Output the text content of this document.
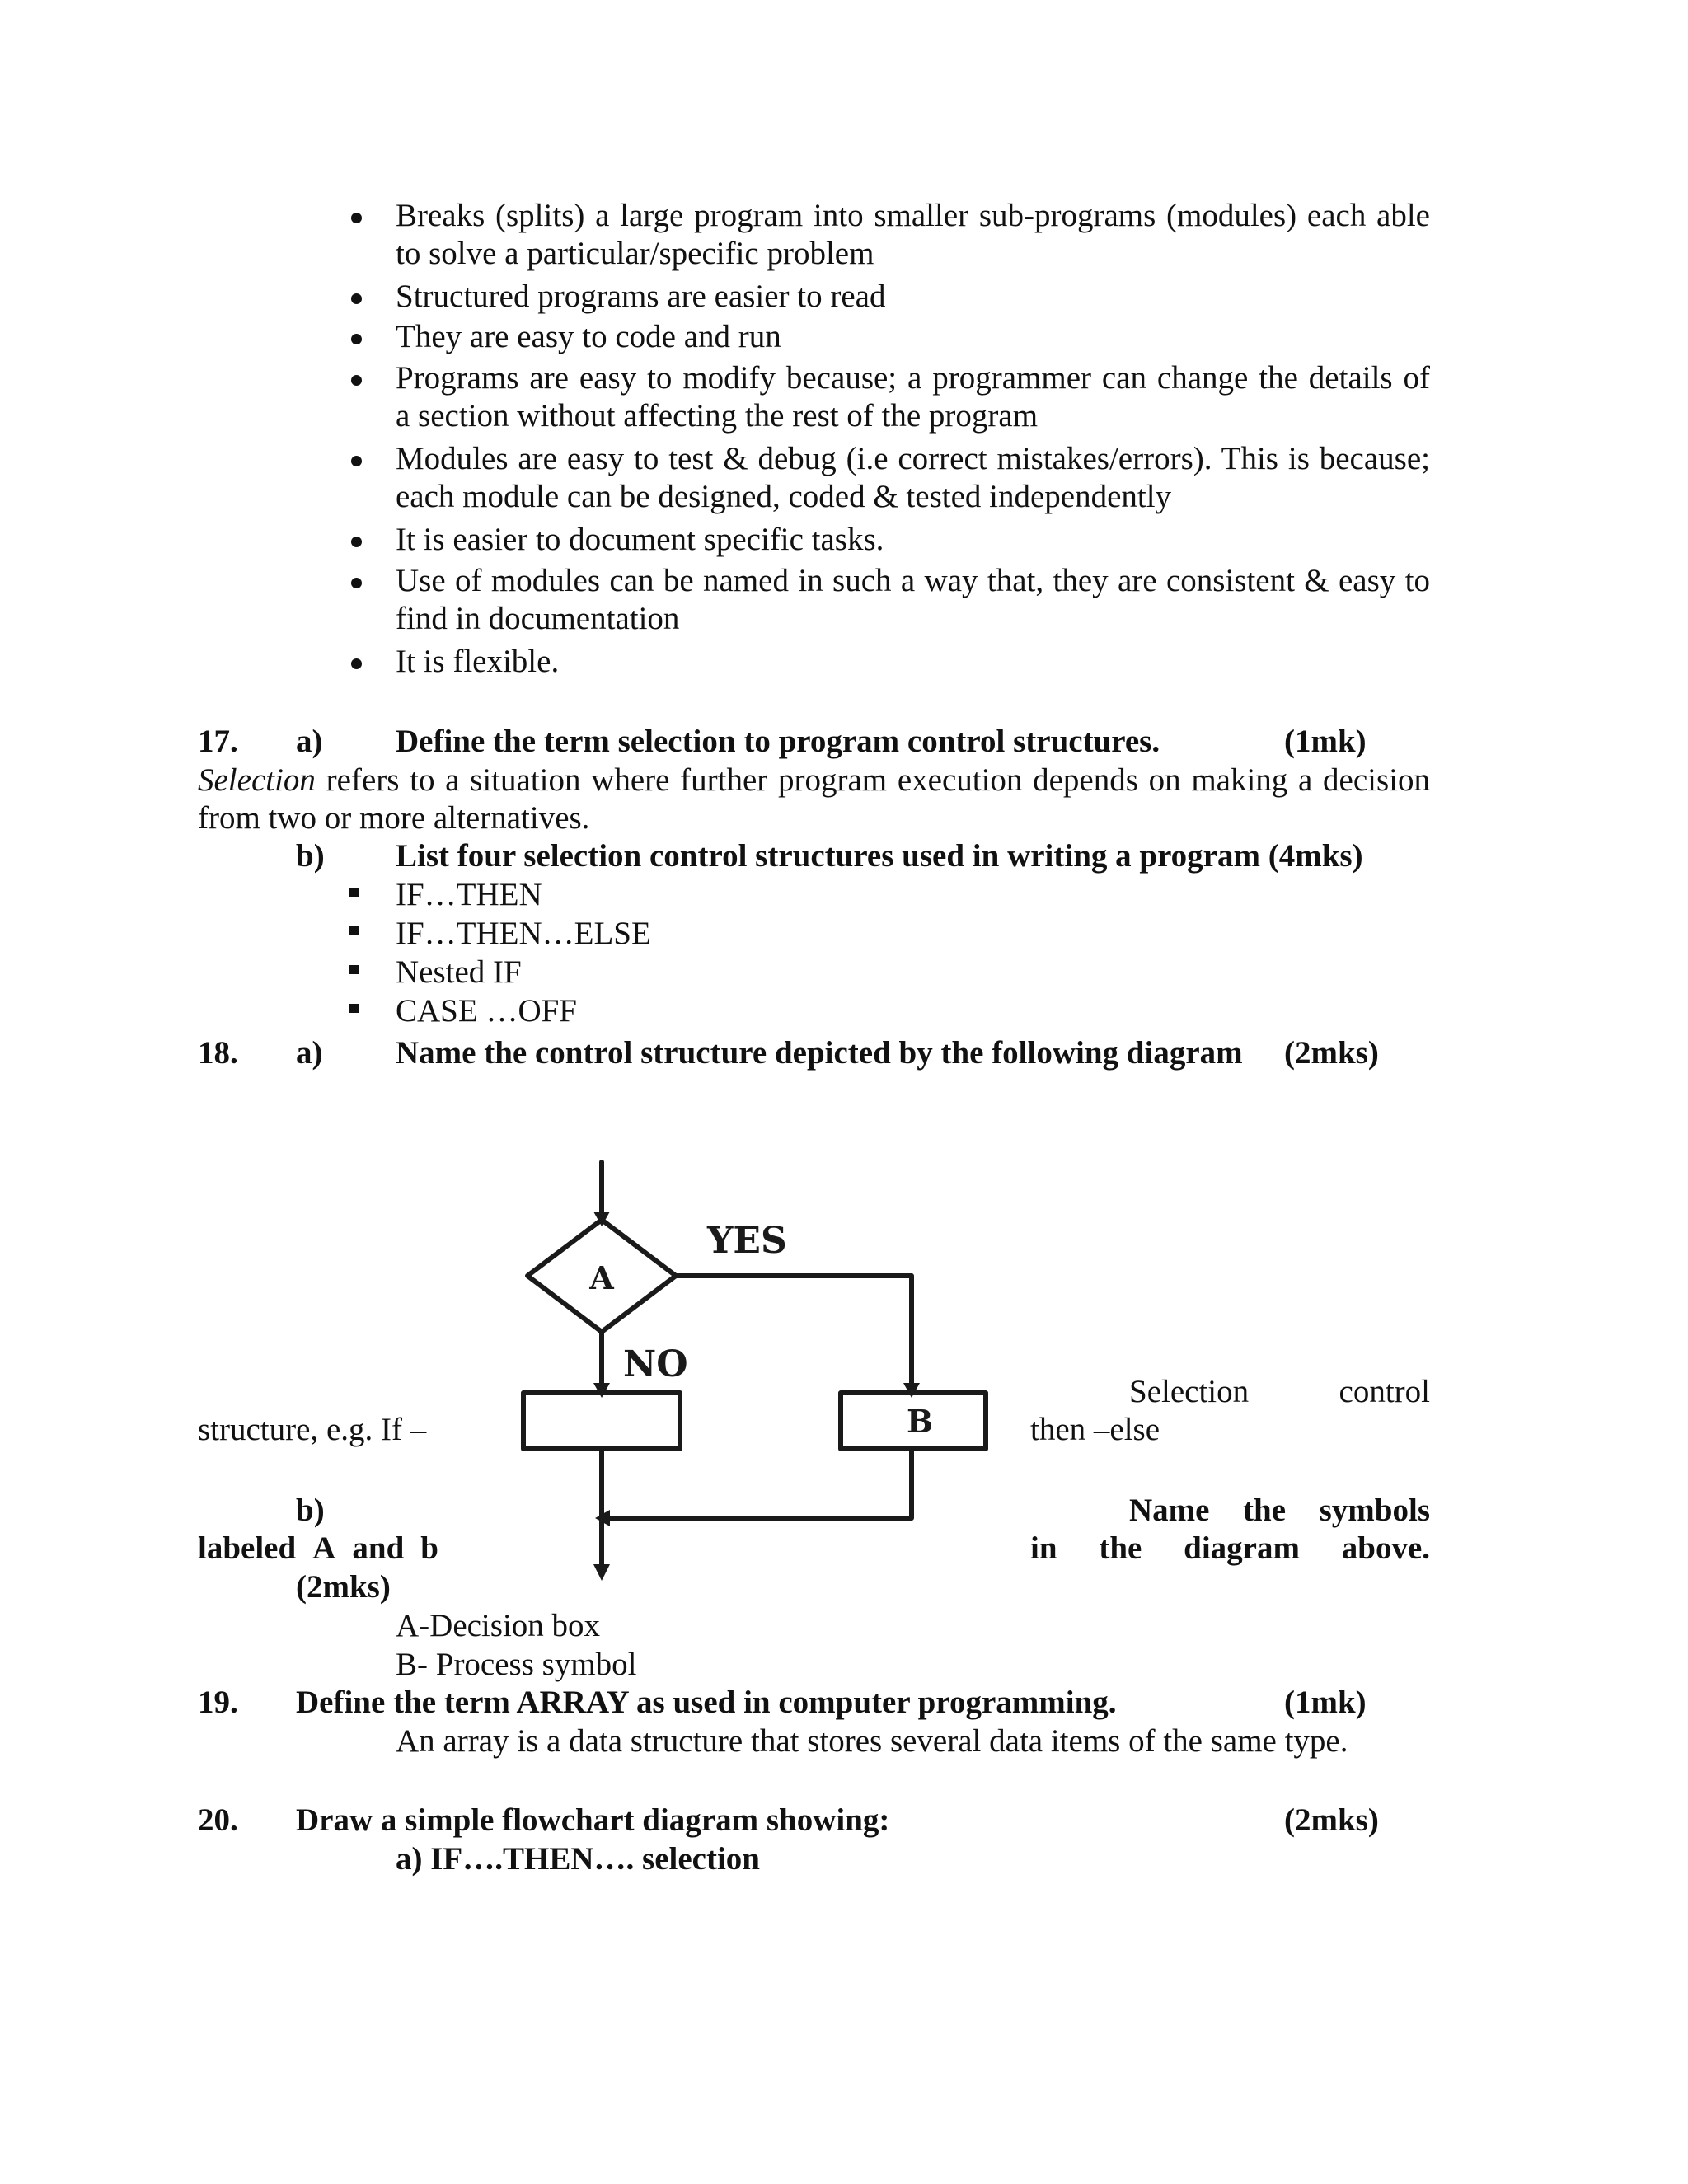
Breaks (splits) a large program into smaller sub-programs (modules) each able
to solve a particular/specific problem
Structured programs are easier to read
They are easy to code and run
Programs are easy to modify because; a programmer can change the details of
a section without affecting the rest of the program
Modules are easy to test & debug (i.e correct mistakes/errors). This is because;
each module can be designed, coded & tested independently
It is easier to document specific tasks.
Use of modules can be named in such a way that, they are consistent & easy to
find in documentation
It is flexible.
17. a) Define the term selection to program control structures.	(1mk)
Selection refers to a situation where further program execution depends on making a decision
from two or more alternatives.
b) List four selection control structures used in writing a program (4mks)
IF…THEN
IF…THEN…ELSE
Nested IF
CASE …OFF
18. a) Name the control structure depicted by the following diagram (2mks)
A
YES
NO
B
Selection	control
structure, e.g. If –	then –else
b)	Name the symbols
labeled A and b	in the diagram above.
(2mks)
A-Decision box
B- Process symbol
19. Define the term ARRAY as used in computer programming.	(1mk)
An array is a data structure that stores several data items of the same type.
20. Draw a simple flowchart diagram showing:	(2mks)
a) IF….THEN…. selection
